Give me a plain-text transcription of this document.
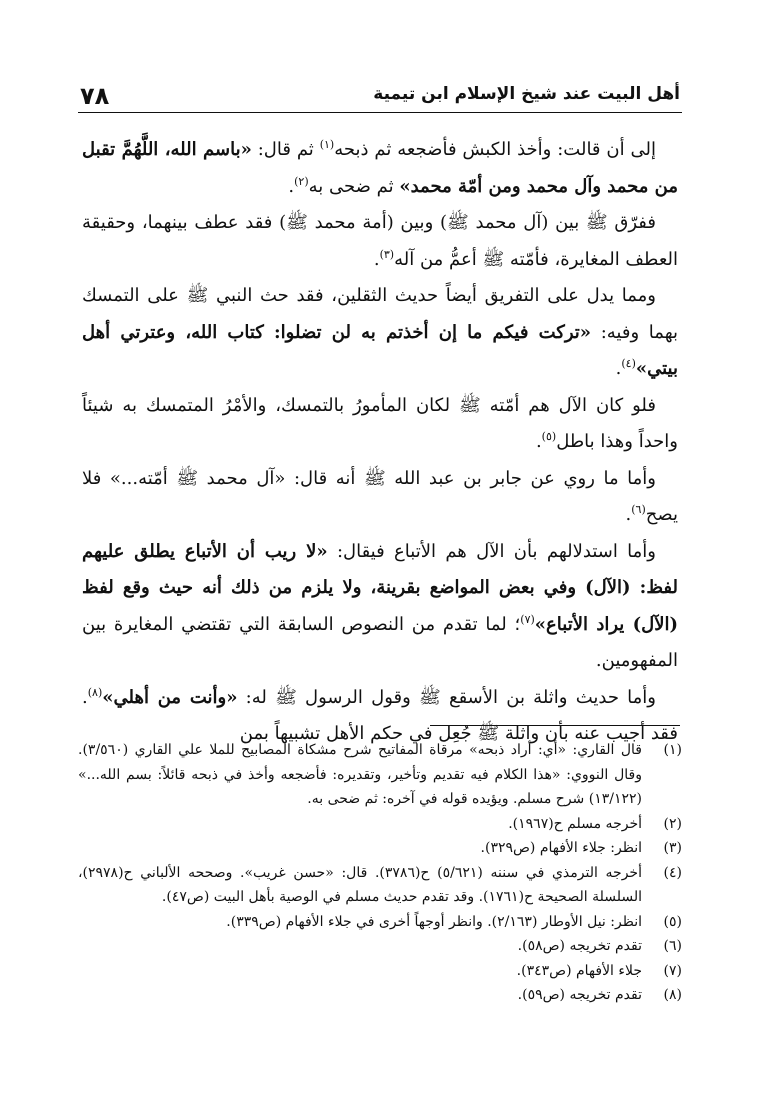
٧٨	أهل البيت عند شيخ الإسلام ابن تيمية

إلى أن قالت: وأخذ الكبش فأضجعه ثم ذبحه$^{(١)}$ ثم قال: «باسم الله، اللَّهُمَّ تقبل من محمد وآل محمد ومن أمّة محمد» ثم ضحى به$^{(٢)}$.

ففرّق ﷺ بين (آل محمد ﷺ) وبين (أمة محمد ﷺ) فقد عطف بينهما، وحقيقة العطف المغايرة، فأمّته ﷺ أعمُّ من آله$^{(٣)}$.

ومما يدل على التفريق أيضاً حديث الثقلين، فقد حث النبي ﷺ على التمسك بهما وفيه: «تركت فيكم ما إن أخذتم به لن تضلوا: كتاب الله، وعترتي أهل بيتي»$^{(٤)}$.

فلو كان الآل هم أمّته ﷺ لكان المأمورُ بالتمسك، والأمْرُ المتمسك به شيئاً واحداً وهذا باطل$^{(٥)}$.

وأما ما روي عن جابر بن عبد الله ﷺ أنه قال: «آل محمد ﷺ أمّته...» فلا يصح$^{(٦)}$.

وأما استدلالهم بأن الآل هم الأتباع فيقال: «لا ريب أن الأتباع يطلق عليهم لفظ: (الآل) وفي بعض المواضع بقرينة، ولا يلزم من ذلك أنه حيث وقع لفظ (الآل) يراد الأتباع»$^{(٧)}$؛ لما تقدم من النصوص السابقة التي تقتضي المغايرة بين المفهومين.

وأما حديث واثلة بن الأسقع ﷺ وقول الرسول ﷺ له: «وأنت من أهلي»$^{(٨)}$. فقد أجيب عنه بأن واثلة ﷺ جُعِل في حكم الأهل تشبيهاً بمن

(١)
قال القاري: «أي: أراد ذبحه» مرقاة المفاتيح شرح مشكاة المصابيح للملا علي القاري (٣/٥٦٠). وقال النووي: «هذا الكلام فيه تقديم وتأخير، وتقديره: فأضجعه وأخذ في ذبحه قائلاً: بسم الله...» (١٣/١٢٢) شرح مسلم. ويؤيده قوله في آخره: ثم ضحى به.
(٢)
أخرجه مسلم ح(١٩٦٧).
(٣)
انظر: جلاء الأفهام (ص٣٢٩).
(٤)
أخرجه الترمذي في سننه (٥/٦٢١) ح(٣٧٨٦). قال: «حسن غريب». وصححه الألباني ح(٢٩٧٨)، السلسلة الصحيحة ح(١٧٦١). وقد تقدم حديث مسلم في الوصية بأهل البيت (ص٤٧).
(٥)
انظر: نيل الأوطار (٢/١٦٣). وانظر أوجهاً أخرى في جلاء الأفهام (ص٣٣٩).
(٦)
تقدم تخريجه (ص٥٨).
(٧)
جلاء الأفهام (ص٣٤٣).
(٨)
تقدم تخريجه (ص٥٩).
